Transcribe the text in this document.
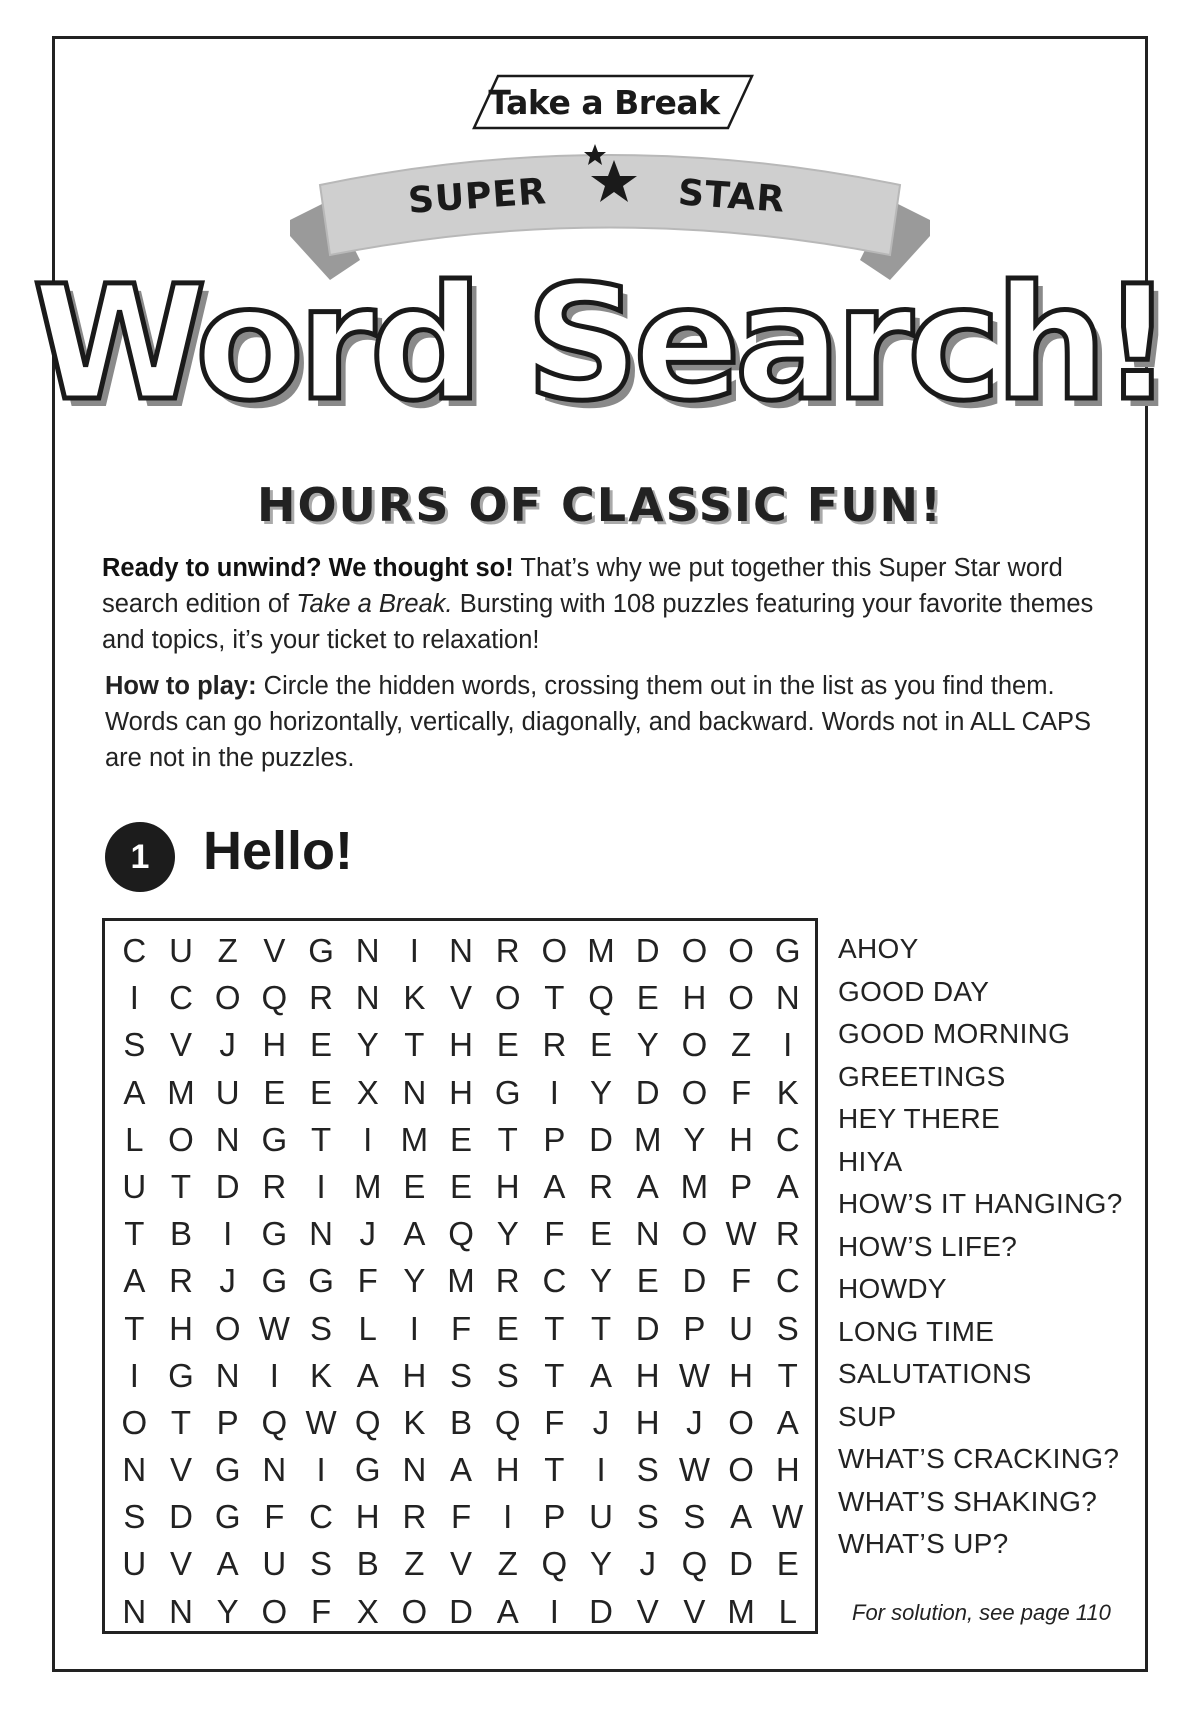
Take a Break
SUPER	STAR
Word Search!
HOURS OF CLASSIC FUN!
Ready to unwind? We thought so! That’s why we put together this Super Star word search edition of Take a Break. Bursting with 108 puzzles featuring your favorite themes and topics, it’s your ticket to relaxation!
How to play: Circle the hidden words, crossing them out in the list as you find them. Words can go horizontally, vertically, diagonally, and backward. Words not in ALL CAPS are not in the puzzles.
1 Hello!
C U Z V G N I N R O M D O O G
I C O Q R N K V O T Q E H O N
S V J H E Y T H E R E Y O Z I
A M U E E X N H G I Y D O F K
L O N G T I M E T P D M Y H C
U T D R I M E E H A R A M P A
T B I G N J A Q Y F E N O W R
A R J G G F Y M R C Y E D F C
T H O W S L I F E T T D P U S
I G N I K A H S S T A H W H T
O T P Q W Q K B Q F J H J O A
N V G N I G N A H T I S W O H
S D G F C H R F I P U S S A W
U V A U S B Z V Z Q Y J Q D E
N N Y O F X O D A I D V V M L
AHOY
GOOD DAY
GOOD MORNING
GREETINGS
HEY THERE
HIYA
HOW’S IT HANGING?
HOW’S LIFE?
HOWDY
LONG TIME
SALUTATIONS
SUP
WHAT’S CRACKING?
WHAT’S SHAKING?
WHAT’S UP?
For solution, see page 110
